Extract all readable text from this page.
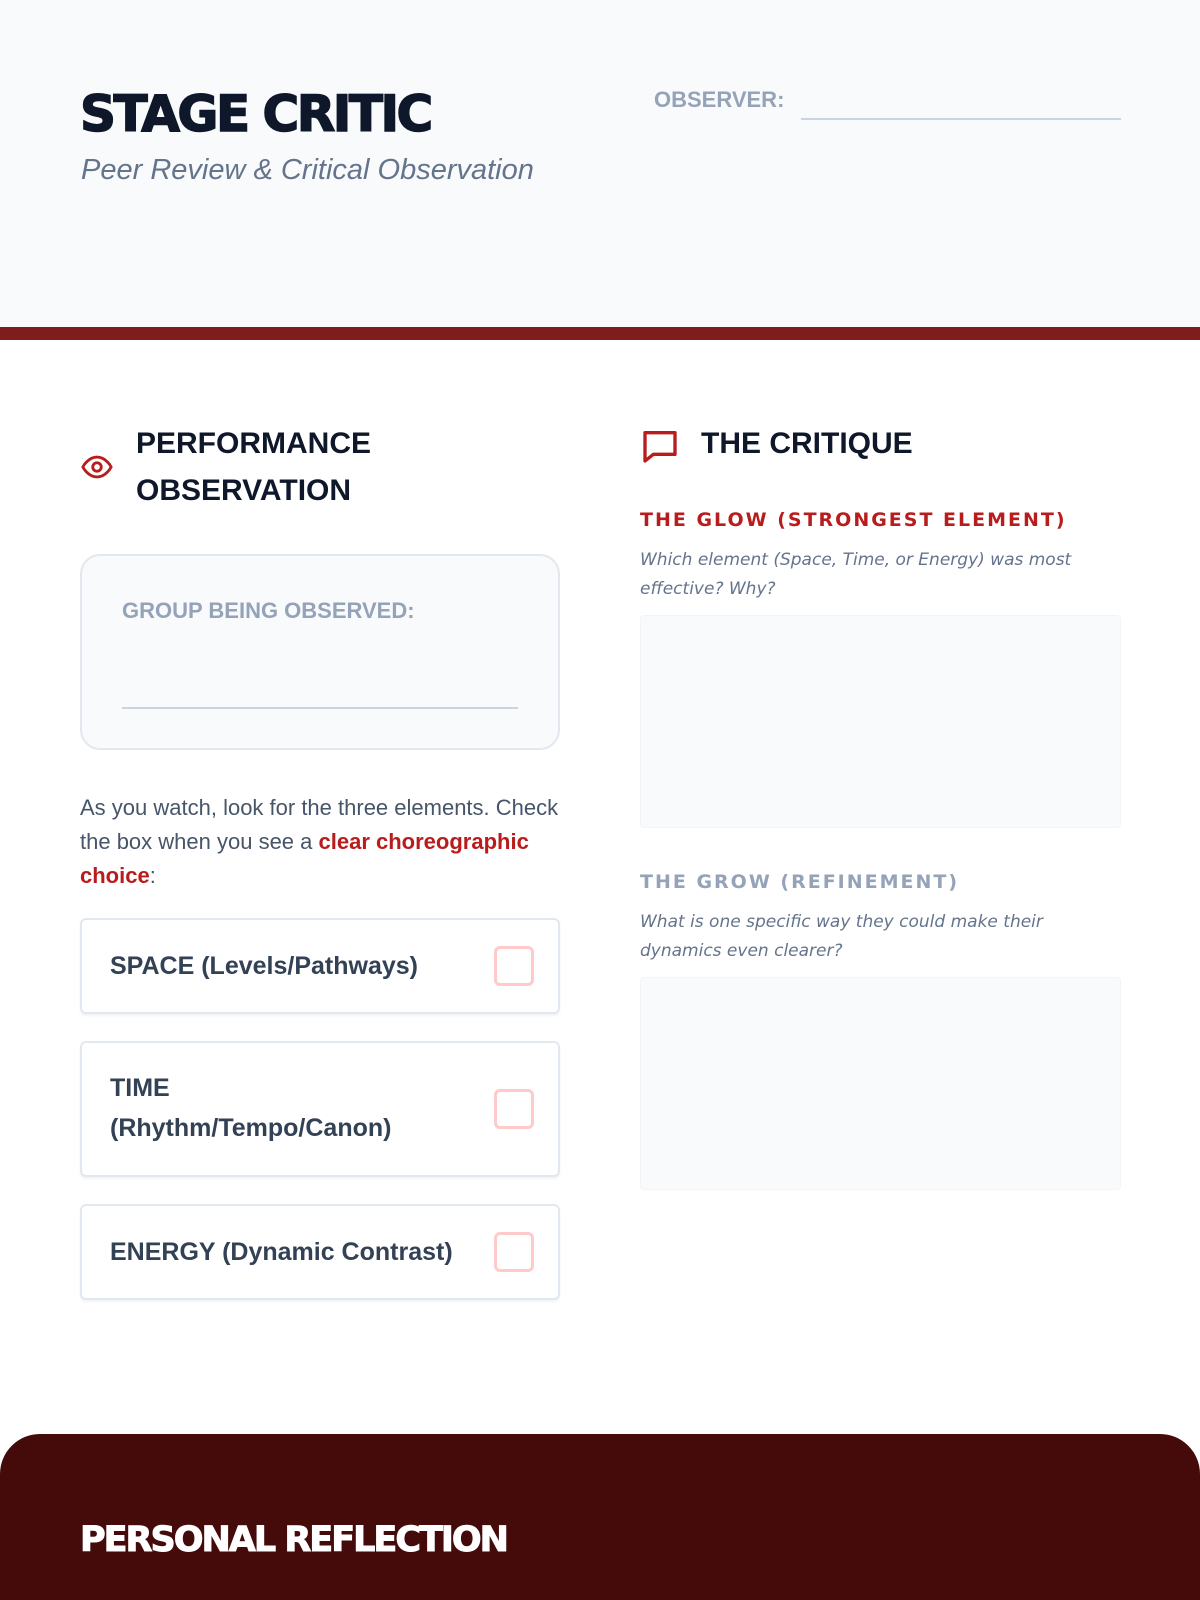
STAGE CRITIC
Peer Review & Critical Observation
OBSERVER:
PERFORMANCE
OBSERVATION
GROUP BEING OBSERVED:
As you watch, look for the three elements. Check the box when you see a clear choreographic choice:
SPACE (Levels/Pathways)
TIME
(Rhythm/Tempo/Canon)
ENERGY (Dynamic Contrast)
THE CRITIQUE
THE GLOW (STRONGEST ELEMENT)
Which element (Space, Time, or Energy) was most effective? Why?
THE GROW (REFINEMENT)
What is one specific way they could make their dynamics even clearer?
PERSONAL REFLECTION
